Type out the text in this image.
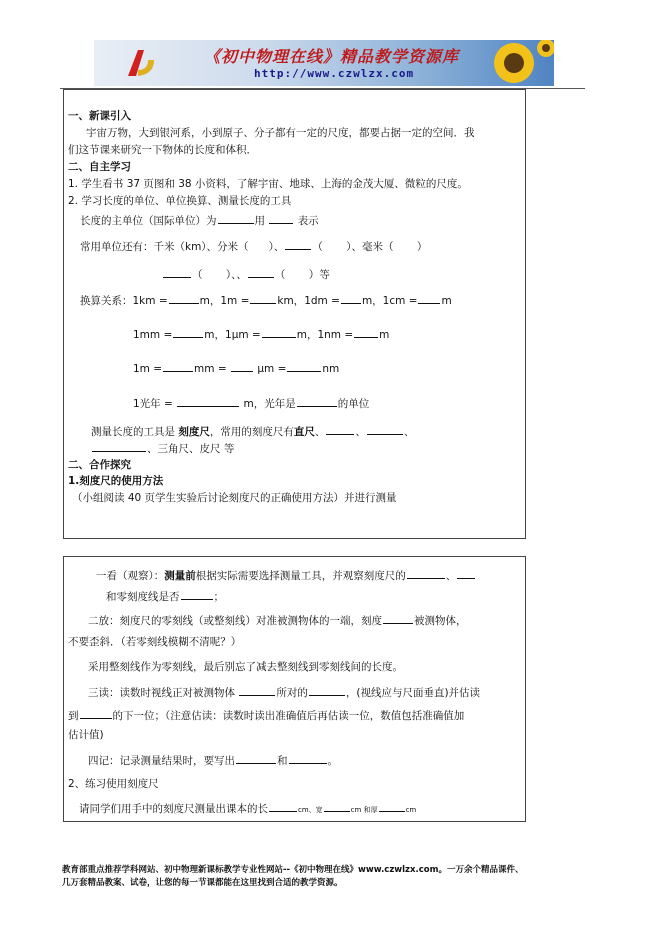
《初中物理在线》精品教学资源库
http://www.czwlzx.com
一、新课引入
宇宙万物，大到银河系，小到原子、分子都有一定的尺度，都要占据一定的空间．我
们这节课来研究一下物体的长度和体积．
二、自主学习
1. 学生看书 37 页图和 38 小资料，了解宇宙、地球、上海的金茂大厦、微粒的尺度。
2. 学习长度的单位、单位换算、测量长度的工具
长度的主单位（国际单位）为	用	表示
常用单位还有：千米（km）、分米（ ）、	（ ）、毫米（ ）
（ ）、、	（ ）等
换算关系：1km =	m，1m =	km，1dm = m，1cm = m
1mm =	m，1μm =	m，1nm = m
1m =	mm =	μm =	nm
1光年 =	m，光年是	的单位
测量长度的工具是 刻度尺，常用的刻度尺有直尺、	、	、
、三角尺、皮尺 等
二、合作探究
1.刻度尺的使用方法
（小组阅读 40 页学生实验后讨论刻度尺的正确使用方法）并进行测量
一看（观察）：测量前根据实际需要选择测量工具，并观察刻度尺的	、
和零刻度线是否	；
二放：刻度尺的零刻线（或整刻线）对准被测物体的一端，刻度	被测物体，
不要歪斜．（若零刻线模糊不清呢？）
采用整刻线作为零刻线，最后别忘了减去整刻线到零刻线间的长度。
三读：读数时视线正对被测物体	所对的	，(视线应与尺面垂直)并估读
到	的下一位；（注意估读：读数时读出准确值后再估读一位，数值包括准确值加
估计值)
四记：记录测量结果时，要写出	和	。
2、练习使用刻度尺
请同学们用手中的刻度尺测量出课本的长	cm、宽	cm 和厚	cm
教育部重点推荐学科网站、初中物理新课标教学专业性网站--《初中物理在线》www.czwlzx.com。一万余个精品课件、
几万套精品教案、试卷，让您的每一节课都能在这里找到合适的教学资源。
